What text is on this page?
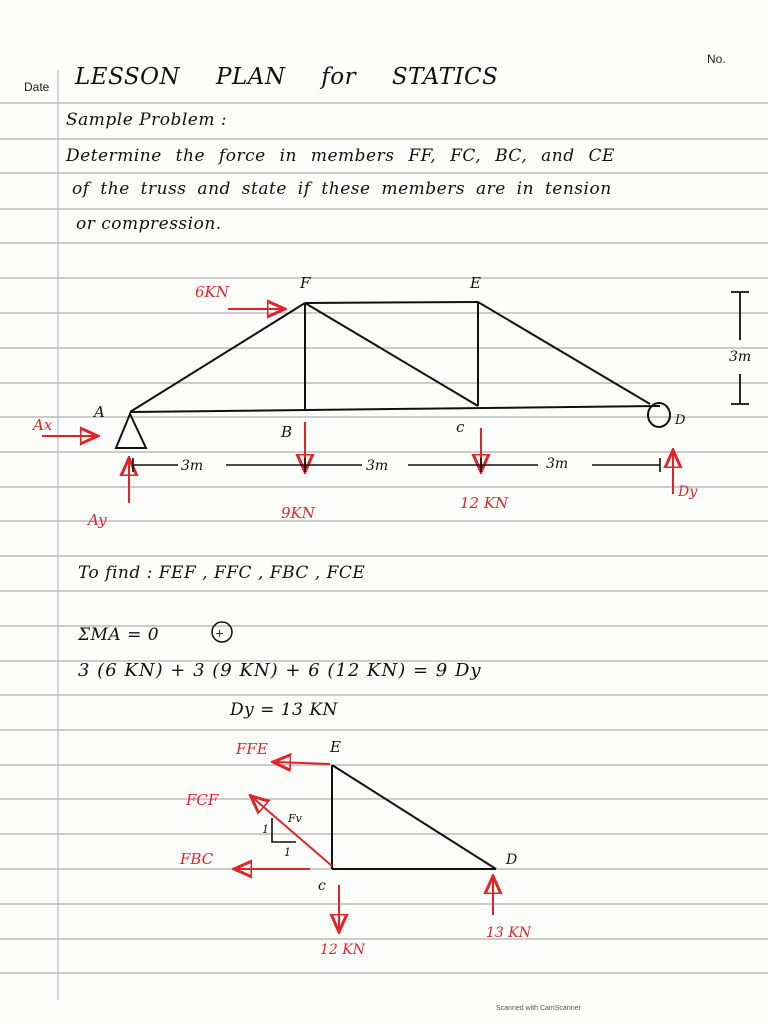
Date
No.
LESSON PLAN for STATICS
Sample Problem :
Determine the force in members FF, FC, BC, and CE
of the truss and state if these members are in tension
or compression.
A
F	E
B	c	D
6KN
9KN
12 KN
Ax
Ay
Dy
3m	3m	3m
3m
E
c
D
FFE
FCF
FBC
1
1
Fv
12 KN
13 KN
+
To find : FEF , FFC , FBC , FCE
ΣMA = 0
3 (6 KN) + 3 (9 KN) + 6 (12 KN) = 9 Dy
Dy = 13 KN
Scanned with CamScanner
